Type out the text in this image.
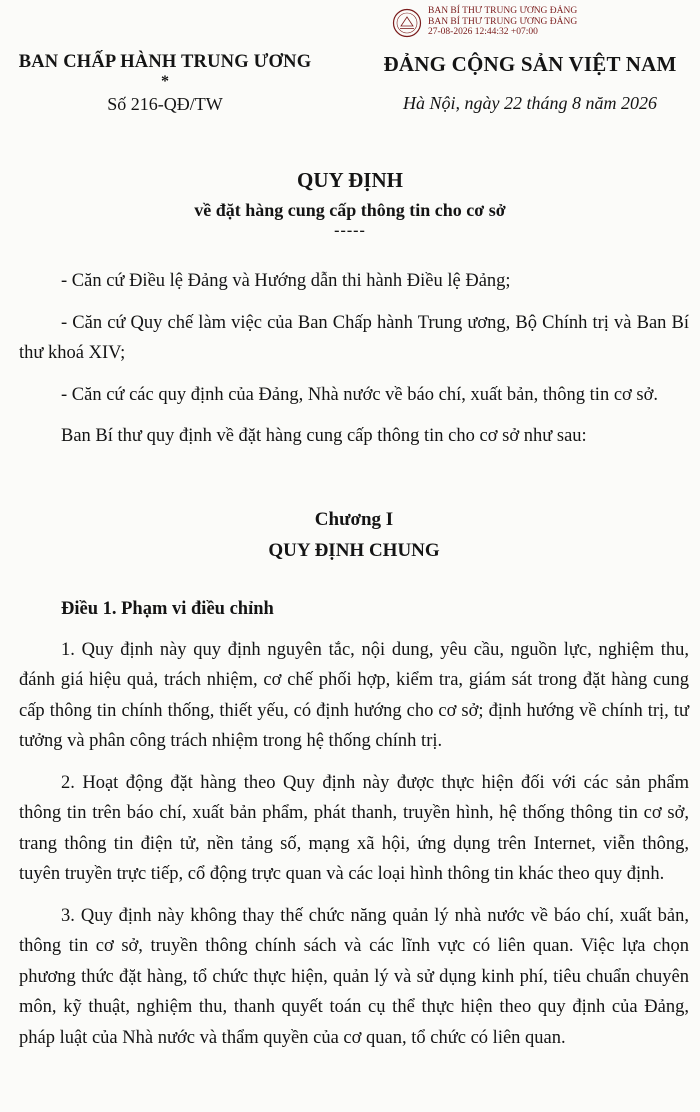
BAN BÍ THƯ TRUNG ƯƠNG ĐẢNG
BAN BÍ THƯ TRUNG ƯƠNG ĐẢNG
27-08-2026 12:44:32 +07:00
BAN CHẤP HÀNH TRUNG ƯƠNG
*
Số 216-QĐ/TW
ĐẢNG CỘNG SẢN VIỆT NAM
Hà Nội, ngày 22 tháng 8 năm 2026
QUY ĐỊNH
về đặt hàng cung cấp thông tin cho cơ sở
-----

- Căn cứ Điều lệ Đảng và Hướng dẫn thi hành Điều lệ Đảng;

- Căn cứ Quy chế làm việc của Ban Chấp hành Trung ương, Bộ Chính trị và Ban Bí thư khoá XIV;

- Căn cứ các quy định của Đảng, Nhà nước về báo chí, xuất bản, thông tin cơ sở.

Ban Bí thư quy định về đặt hàng cung cấp thông tin cho cơ sở như sau:

Chương I

QUY ĐỊNH CHUNG

Điều 1. Phạm vi điều chỉnh

1. Quy định này quy định nguyên tắc, nội dung, yêu cầu, nguồn lực, nghiệm thu, đánh giá hiệu quả, trách nhiệm, cơ chế phối hợp, kiểm tra, giám sát trong đặt hàng cung cấp thông tin chính thống, thiết yếu, có định hướng cho cơ sở; định hướng về chính trị, tư tưởng và phân công trách nhiệm trong hệ thống chính trị.

2. Hoạt động đặt hàng theo Quy định này được thực hiện đối với các sản phẩm thông tin trên báo chí, xuất bản phẩm, phát thanh, truyền hình, hệ thống thông tin cơ sở, trang thông tin điện tử, nền tảng số, mạng xã hội, ứng dụng trên Internet, viễn thông, tuyên truyền trực tiếp, cổ động trực quan và các loại hình thông tin khác theo quy định.

3. Quy định này không thay thế chức năng quản lý nhà nước về báo chí, xuất bản, thông tin cơ sở, truyền thông chính sách và các lĩnh vực có liên quan. Việc lựa chọn phương thức đặt hàng, tổ chức thực hiện, quản lý và sử dụng kinh phí, tiêu chuẩn chuyên môn, kỹ thuật, nghiệm thu, thanh quyết toán cụ thể thực hiện theo quy định của Đảng, pháp luật của Nhà nước và thẩm quyền của cơ quan, tổ chức có liên quan.
